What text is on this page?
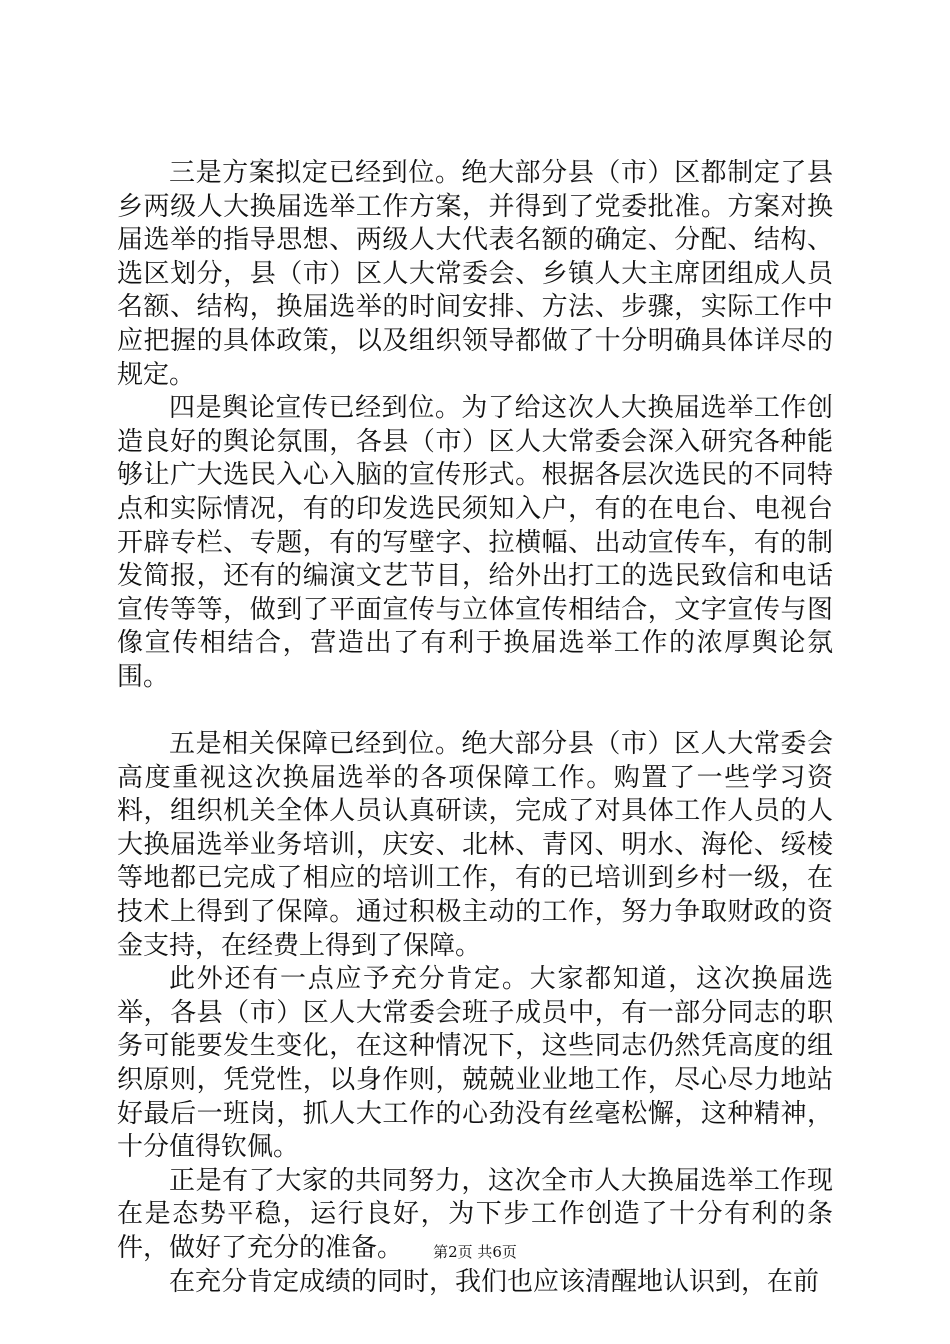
三是方案拟定已经到位。绝大部分县（市）区都制定了县乡两级人大换届选举工作方案，并得到了党委批准。方案对换届选举的指导思想、两级人大代表名额的确定、分配、结构、选区划分，县（市）区人大常委会、乡镇人大主席团组成人员名额、结构，换届选举的时间安排、方法、步骤，实际工作中应把握的具体政策，以及组织领导都做了十分明确具体详尽的规定。

四是舆论宣传已经到位。为了给这次人大换届选举工作创造良好的舆论氛围，各县（市）区人大常委会深入研究各种能够让广大选民入心入脑的宣传形式。根据各层次选民的不同特点和实际情况，有的印发选民须知入户，有的在电台、电视台开辟专栏、专题，有的写壁字、拉横幅、出动宣传车，有的制发简报，还有的编演文艺节目，给外出打工的选民致信和电话宣传等等，做到了平面宣传与立体宣传相结合，文字宣传与图像宣传相结合，营造出了有利于换届选举工作的浓厚舆论氛围。

五是相关保障已经到位。绝大部分县（市）区人大常委会高度重视这次换届选举的各项保障工作。购置了一些学习资料，组织机关全体人员认真研读，完成了对具体工作人员的人大换届选举业务培训，庆安、北林、青冈、明水、海伦、绥棱等地都已完成了相应的培训工作，有的已培训到乡村一级，在技术上得到了保障。通过积极主动的工作，努力争取财政的资金支持，在经费上得到了保障。

此外还有一点应予充分肯定。大家都知道，这次换届选举，各县（市）区人大常委会班子成员中，有一部分同志的职务可能要发生变化，在这种情况下，这些同志仍然凭高度的组织原则，凭党性，以身作则，兢兢业业地工作，尽心尽力地站好最后一班岗，抓人大工作的心劲没有丝毫松懈，这种精神，十分值得钦佩。

正是有了大家的共同努力，这次全市人大换届选举工作现在是态势平稳，运行良好，为下步工作创造了十分有利的条件，做好了充分的准备。

在充分肯定成绩的同时，我们也应该清醒地认识到，在前

第2页 共6页
